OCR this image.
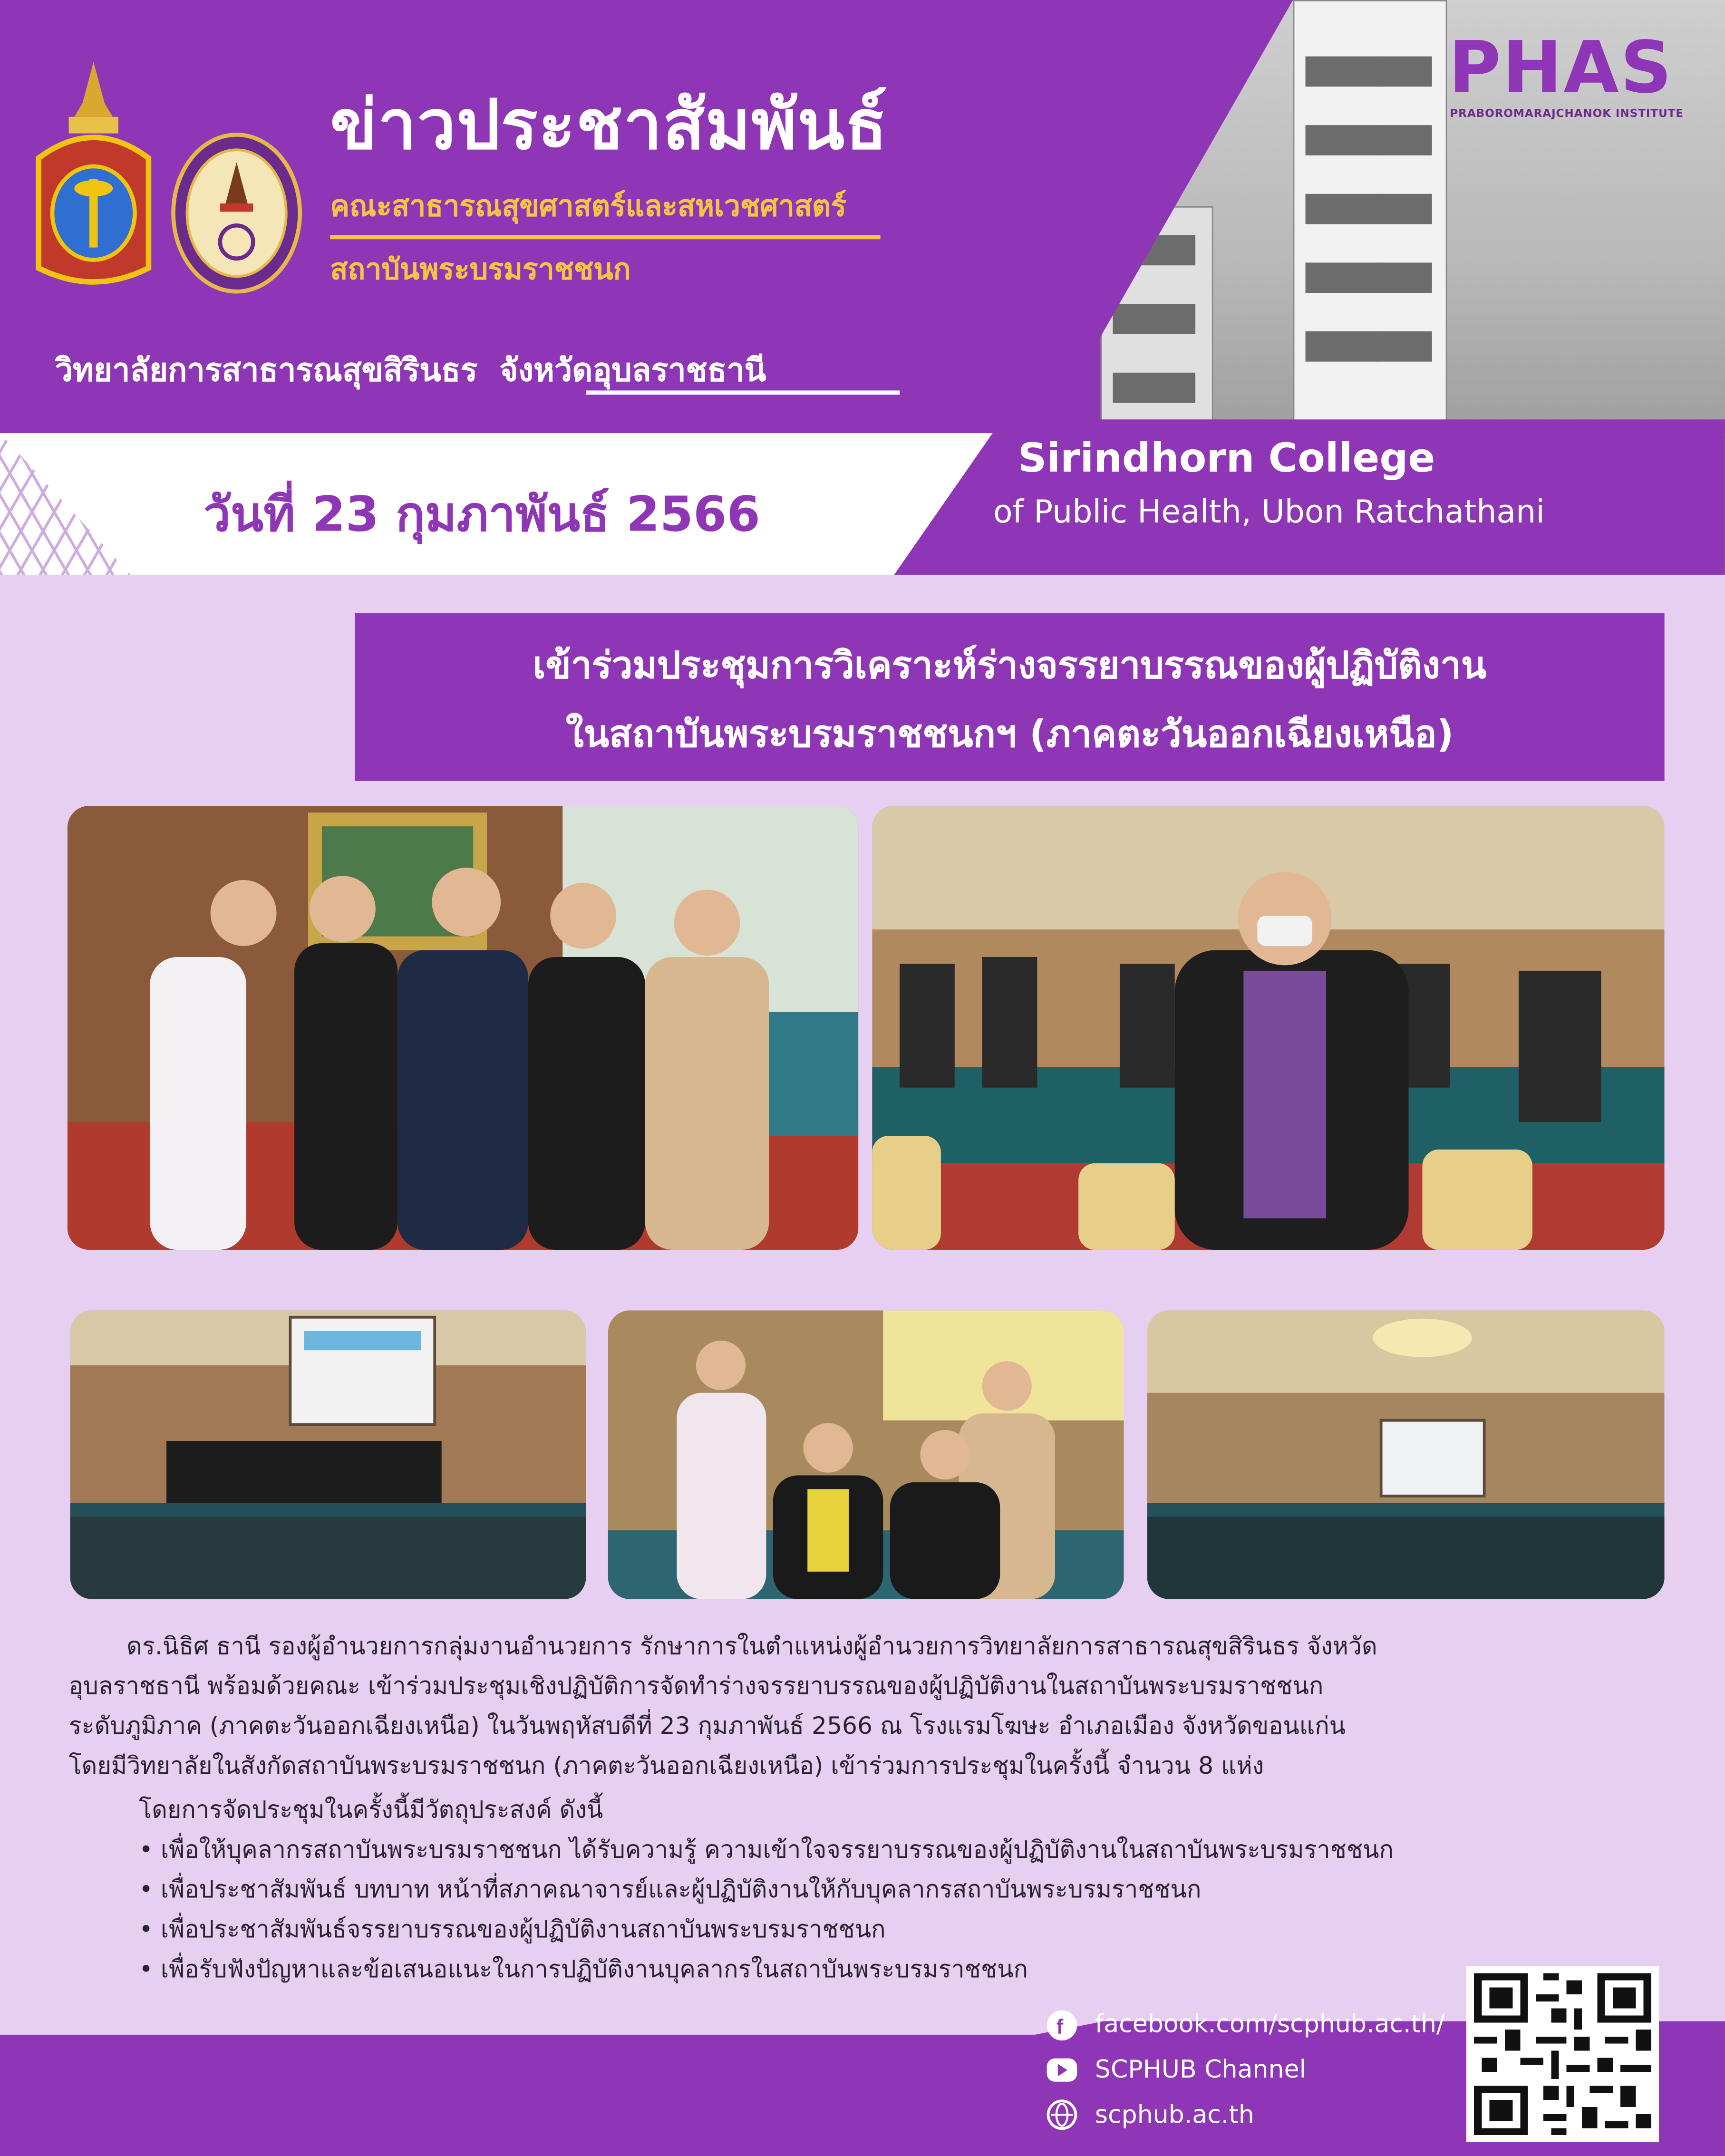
PHAS
PRABOROMARAJCHANOK INSTITUTE
ข่าวประชาสัมพันธ์
คณะสาธารณสุขศาสตร์และสหเวชศาสตร์
สถาบันพระบรมราชชนก
วิทยาลัยการสาธารณสุขสิรินธร จังหวัดอุบลราชธานี
วันที่ 23 กุมภาพันธ์ 2566
Sirindhorn College
of Public Health, Ubon Ratchathani
เข้าร่วมประชุมการวิเคราะห์ร่างจรรยาบรรณของผู้ปฏิบัติงาน
ในสถาบันพระบรมราชชนกฯ (ภาคตะวันออกเฉียงเหนือ)
ดร.นิธิศ ธานี รองผู้อำนวยการกลุ่มงานอำนวยการ รักษาการในตำแหน่งผู้อำนวยการวิทยาลัยการสาธารณสุขสิรินธร จังหวัด
อุบลราชธานี พร้อมด้วยคณะ เข้าร่วมประชุมเชิงปฏิบัติการจัดทำร่างจรรยาบรรณของผู้ปฏิบัติงานในสถาบันพระบรมราชชนก
ระดับภูมิภาค (ภาคตะวันออกเฉียงเหนือ) ในวันพฤหัสบดีที่ 23 กุมภาพันธ์ 2566 ณ โรงแรมโฆษะ อำเภอเมือง จังหวัดขอนแก่น
โดยมีวิทยาลัยในสังกัดสถาบันพระบรมราชชนก (ภาคตะวันออกเฉียงเหนือ) เข้าร่วมการประชุมในครั้งนี้ จำนวน 8 แห่ง
โดยการจัดประชุมในครั้งนี้มีวัตถุประสงค์ ดังนี้
• เพื่อให้บุคลากรสถาบันพระบรมราชชนก ได้รับความรู้ ความเข้าใจจรรยาบรรณของผู้ปฏิบัติงานในสถาบันพระบรมราชชนก
• เพื่อประชาสัมพันธ์ บทบาท หน้าที่สภาคณาจารย์และผู้ปฏิบัติงานให้กับบุคลากรสถาบันพระบรมราชชนก
• เพื่อประชาสัมพันธ์จรรยาบรรณของผู้ปฏิบัติงานสถาบันพระบรมราชชนก
• เพื่อรับฟังปัญหาและข้อเสนอแนะในการปฏิบัติงานบุคลากรในสถาบันพระบรมราชชนก
f	facebook.com/scphub.ac.th/
SCPHUB Channel
scphub.ac.th
